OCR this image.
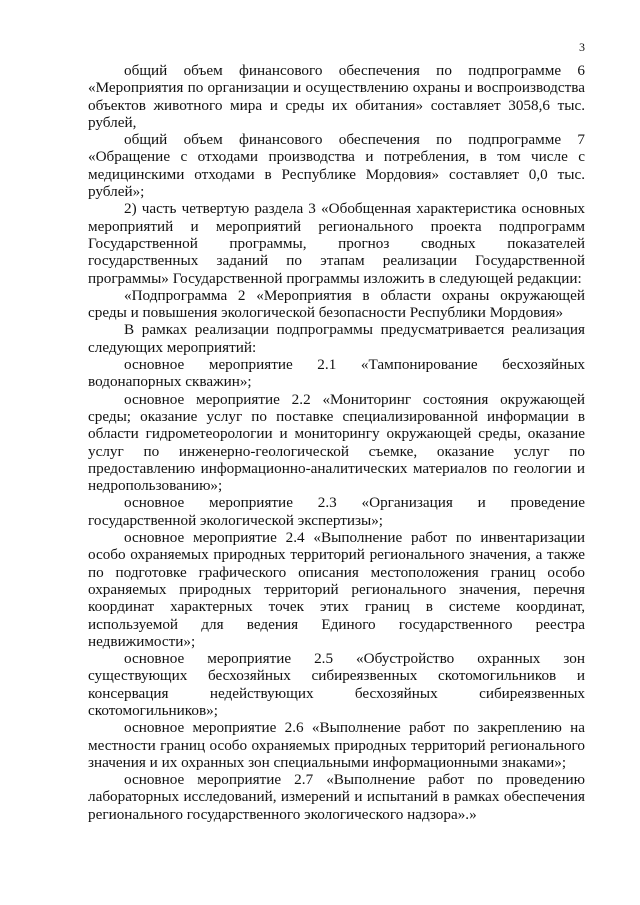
3

общий объем финансового обеспечения по подпрограмме 6 «Мероприятия по организации и осуществлению охраны и воспроизводства объектов животного мира и среды их обитания» составляет 3058,6 тыс. рублей,

общий объем финансового обеспечения по подпрограмме 7 «Обращение с отходами производства и потребления, в том числе с медицинскими отходами в Республике Мордовия» составляет 0,0 тыс. рублей»;

2) часть четвертую раздела 3 «Обобщенная характеристика основных мероприятий и мероприятий регионального проекта подпрограмм Государственной программы, прогноз сводных показателей государственных заданий по этапам реализации Государственной программы» Государственной программы изложить в следующей редакции:

«Подпрограмма 2 «Мероприятия в области охраны окружающей среды и повышения экологической безопасности Республики Мордовия»

В рамках реализации подпрограммы предусматривается реализация следующих мероприятий:

основное мероприятие 2.1 «Тампонирование бесхозяйных водонапорных скважин»;

основное мероприятие 2.2 «Мониторинг состояния окружающей среды; оказание услуг по поставке специализированной информации в области гидрометеорологии и мониторингу окружающей среды, оказание услуг по инженерно-геологической съемке, оказание услуг по предоставлению информационно-аналитических материалов по геологии и недропользованию»;

основное мероприятие 2.3 «Организация и проведение государственной экологической экспертизы»;

основное мероприятие 2.4 «Выполнение работ по инвентаризации особо охраняемых природных территорий регионального значения, а также по подготовке графического описания местоположения границ особо охраняемых природных территорий регионального значения, перечня координат характерных точек этих границ в системе координат, используемой для ведения Единого государственного реестра недвижимости»;

основное мероприятие 2.5 «Обустройство охранных зон существующих бесхозяйных сибиреязвенных скотомогильников и консервация недействующих бесхозяйных сибиреязвенных скотомогильников»;

основное мероприятие 2.6 «Выполнение работ по закреплению на местности границ особо охраняемых природных территорий регионального значения и их охранных зон специальными информационными знаками»;

основное мероприятие 2.7 «Выполнение работ по проведению лабораторных исследований, измерений и испытаний в рамках обеспечения регионального государственного экологического надзора».»
